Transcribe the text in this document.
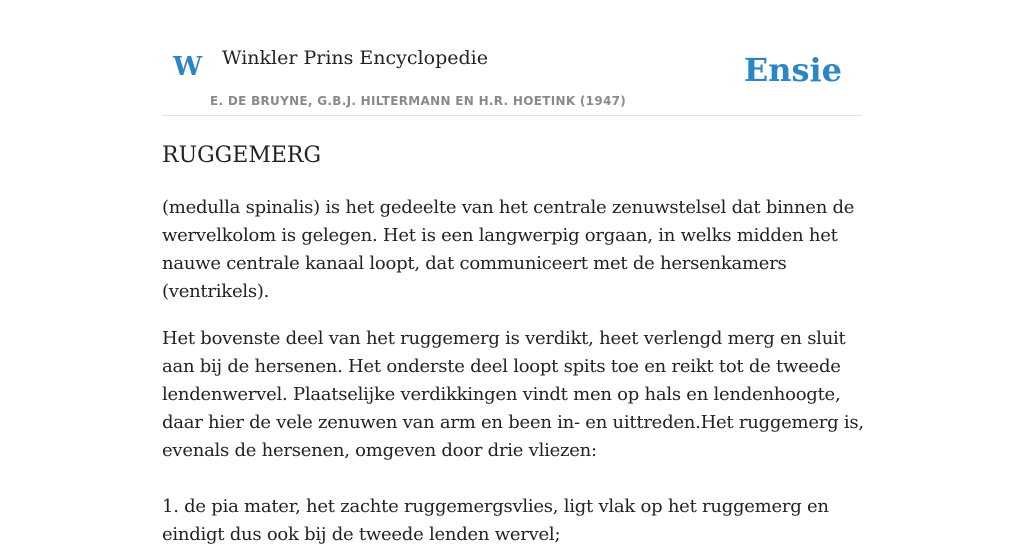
W Winkler Prins Encyclopedie
E. DE BRUYNE, G.B.J. HILTERMANN EN H.R. HOETINK (1947)
Ensie
RUGGEMERG

(medulla spinalis) is het gedeelte van het centrale zenuwstelsel dat binnen de wervelkolom is gelegen. Het is een langwerpig orgaan, in welks midden het nauwe centrale kanaal loopt, dat communiceert met de hersenkamers (ventrikels).

Het bovenste deel van het ruggemerg is verdikt, heet verlengd merg en sluit aan bij de hersenen. Het onderste deel loopt spits toe en reikt tot de tweede lendenwervel. Plaatselijke verdikkingen vindt men op hals en lendenhoogte, daar hier de vele zenuwen van arm en been in- en uittreden.Het ruggemerg is, evenals de hersenen, omgeven door drie vliezen:

1. de pia mater, het zachte ruggemergsvlies, ligt vlak op het ruggemerg en eindigt dus ook bij de tweede lenden wervel;
